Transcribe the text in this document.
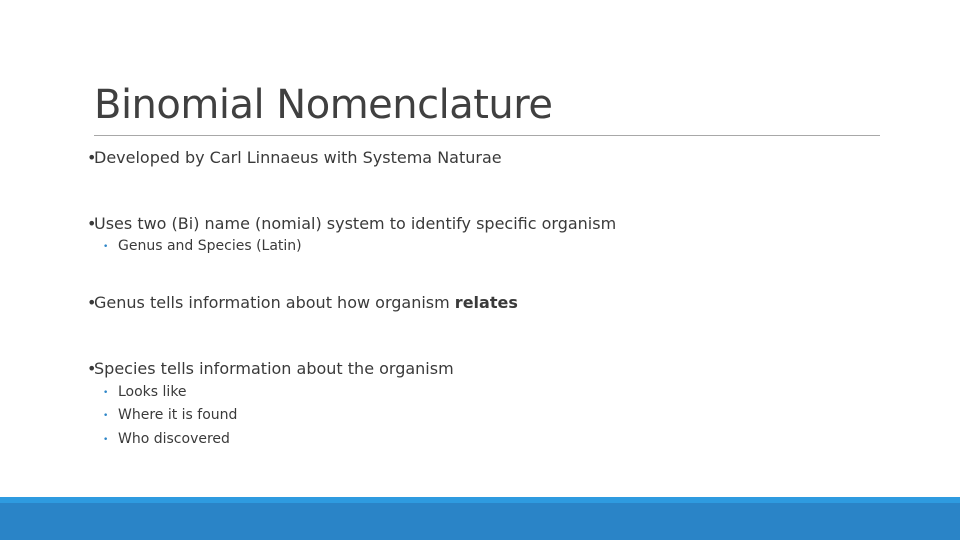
Binomial Nomenclature
•Developed by Carl Linnaeus with Systema Naturae
•Uses two (Bi) name (nomial) system to identify specific organism
• Genus and Species (Latin)
•Genus tells information about how organism relates
•Species tells information about the organism
• Looks like
• Where it is found
• Who discovered
